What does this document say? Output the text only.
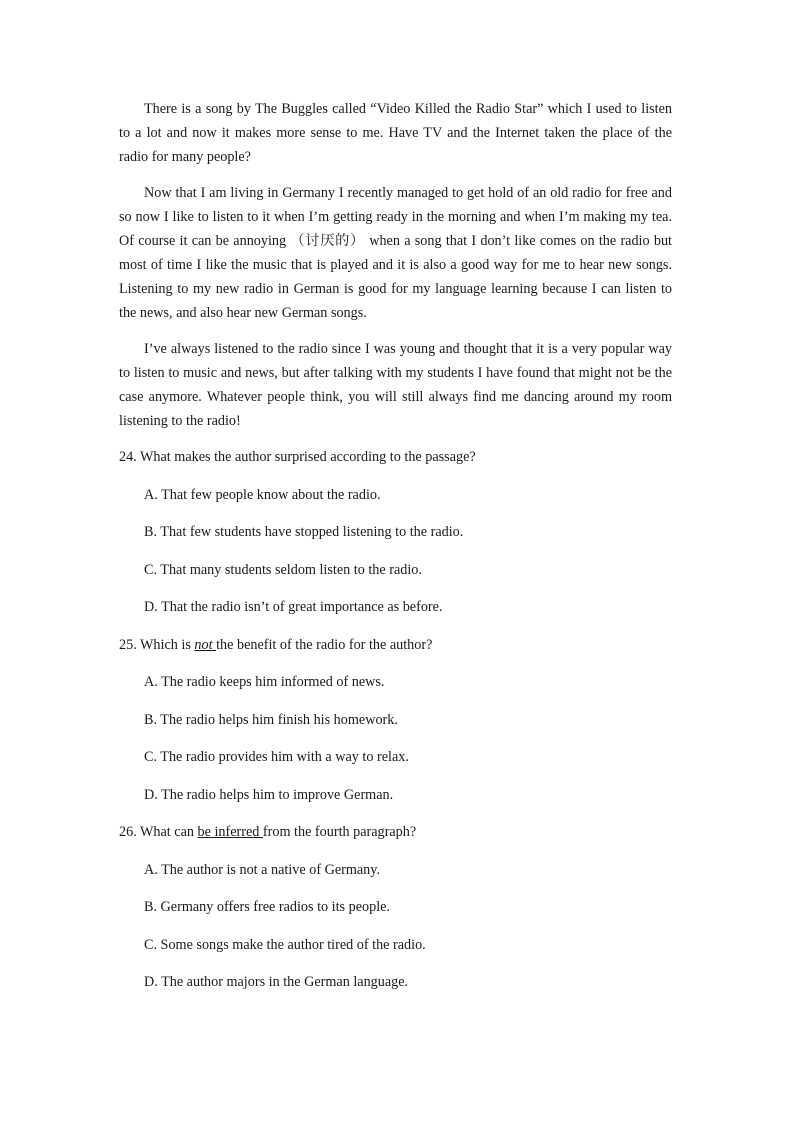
There is a song by The Buggles called “Video Killed the Radio Star” which I used to listen to a lot and now it makes more sense to me. Have TV and the Internet taken the place of the radio for many people?

Now that I am living in Germany I recently managed to get hold of an old radio for free and so now I like to listen to it when I’m getting ready in the morning and when I’m making my tea. Of course it can be annoying （讨厌的） when a song that I don’t like comes on the radio but most of time I like the music that is played and it is also a good way for me to hear new songs. Listening to my new radio in German is good for my language learning because I can listen to the news, and also hear new German songs.

I’ve always listened to the radio since I was young and thought that it is a very popular way to listen to music and news, but after talking with my students I have found that might not be the case anymore. Whatever people think, you will still always find me dancing around my room listening to the radio!

24. What makes the author surprised according to the passage?

A. That few people know about the radio.

B. That few students have stopped listening to the radio.

C. That many students seldom listen to the radio.

D. That the radio isn’t of great importance as before.

25. Which is not the benefit of the radio for the author?

A. The radio keeps him informed of news.

B. The radio helps him finish his homework.

C. The radio provides him with a way to relax.

D. The radio helps him to improve German.

26. What can be inferred from the fourth paragraph?

A. The author is not a native of Germany.

B. Germany offers free radios to its people.

C. Some songs make the author tired of the radio.

D. The author majors in the German language.
